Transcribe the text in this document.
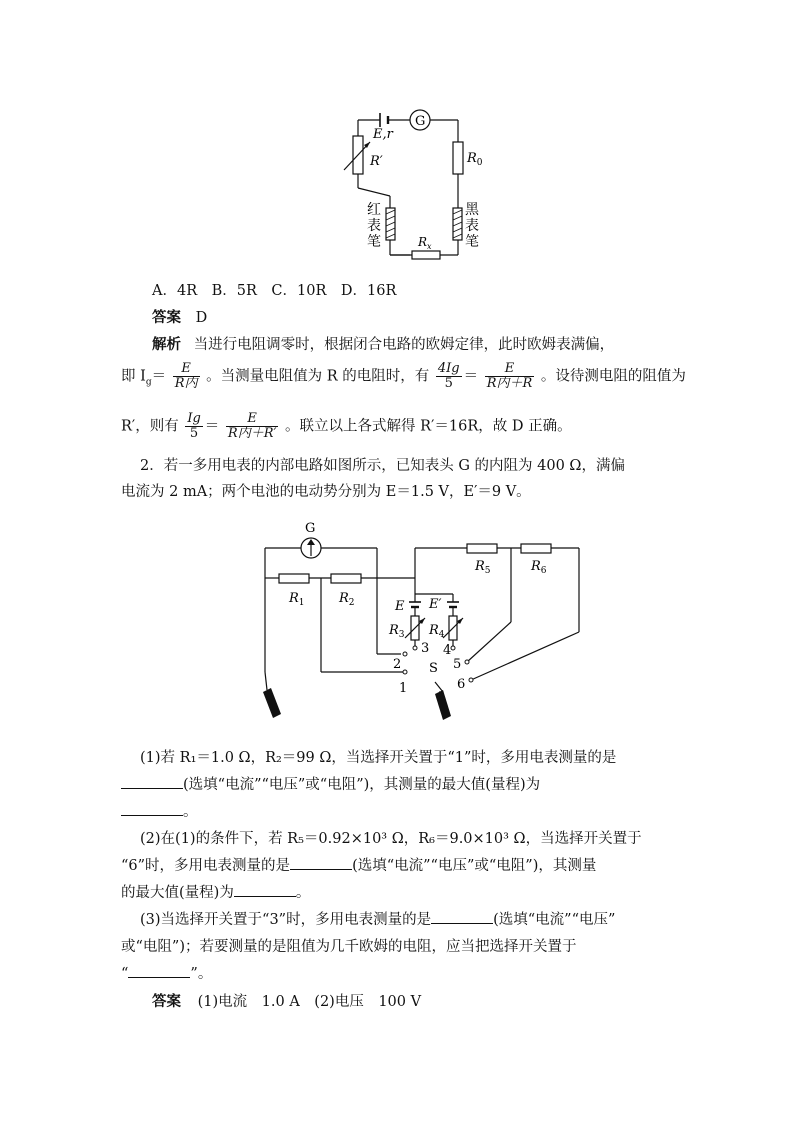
G
E,r
R′	$R_0$
$R_x$
红
表
笔
黑
表
笔
A．4R　B．5R　C．10R　D．16R
答案 D
解析 当进行电阻调零时，根据闭合电路的欧姆定律，此时欧姆表满偏，
即 $I_g= \frac{E}{\text{R内}}$ 。当测量电阻值为 R 的电阻时，有 $\frac{4Ig}{5} = \frac{E}{\text{R内＋R}}$ 。设待测电阻的阻值为
R′，则有 $\frac{Ig}{5} = \frac{E}{\text{R内＋R′}}$ 。联立以上各式解得 R′＝16R，故 D 正确。
2．若一多用电表的内部电路如图所示，已知表头 G 的内阻为 400 Ω，满偏
电流为 2 mA；两个电池的电动势分别为 E＝1.5 V，E′＝9 V。
G
$R_1$	$R_2$
$R_5$	$R_6$
E E′
$R_3$ $R_4$
3 4
2
1
S 5
6
(1)若 R₁＝1.0 Ω，R₂＝99 Ω，当选择开关置于“1”时，多用电表测量的是
(选填“电流”“电压”或“电阻”)，其测量的最大值(量程)为
。
(2)在(1)的条件下，若 R₅＝0.92×10³ Ω，R₆＝9.0×10³ Ω，当选择开关置于
“6”时，多用电表测量的是	(选填“电流”“电压”或“电阻”)，其测量
的最大值(量程)为	。
(3)当选择开关置于“3”时，多用电表测量的是	(选填“电流”“电压”
或“电阻”)；若要测量的是阻值为几千欧姆的电阻，应当把选择开关置于
“	”。
答案 (1)电流　1.0 A　(2)电压　100 V
